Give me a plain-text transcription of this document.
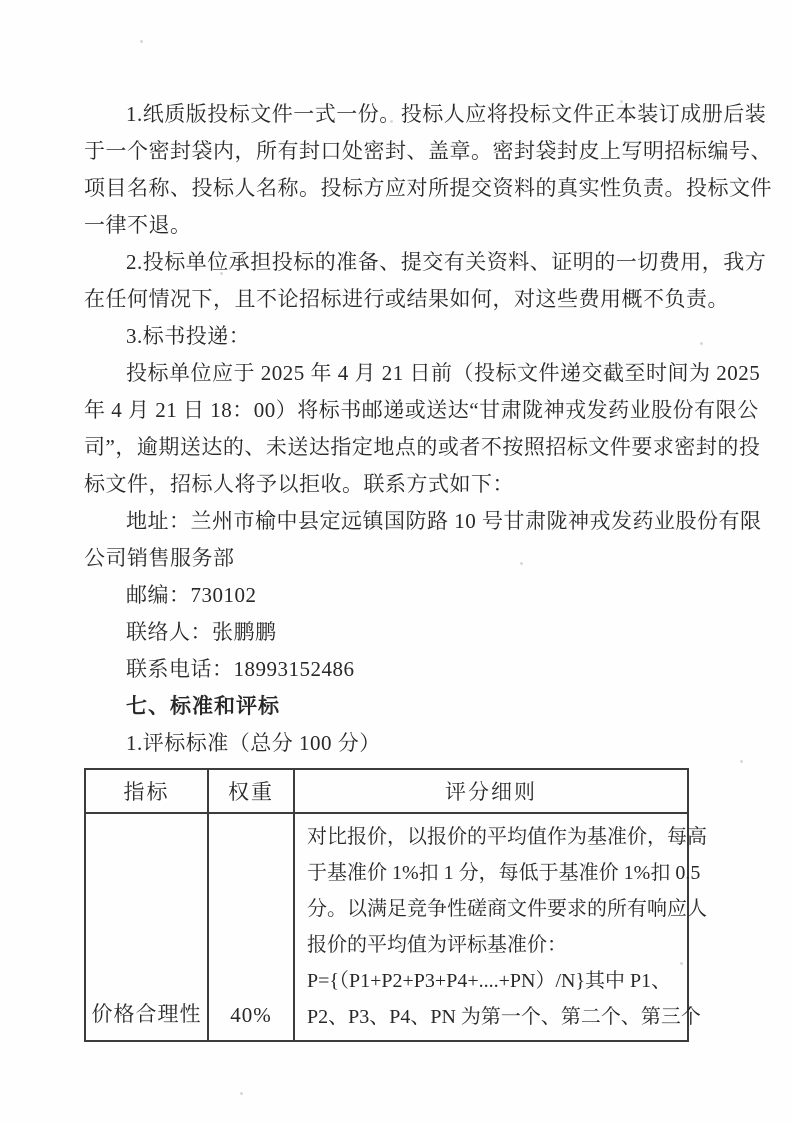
1.纸质版投标文件一式一份。投标人应将投标文件正本装订成册后装
于一个密封袋内，所有封口处密封、盖章。密封袋封皮上写明招标编号、
项目名称、投标人名称。投标方应对所提交资料的真实性负责。投标文件
一律不退。
2.投标单位承担投标的准备、提交有关资料、证明的一切费用，我方
在任何情况下，且不论招标进行或结果如何，对这些费用概不负责。
3.标书投递：
投标单位应于 2025 年 4 月 21 日前（投标文件递交截至时间为 2025
年 4 月 21 日 18：00）将标书邮递或送达“甘肃陇神戎发药业股份有限公
司”，逾期送达的、未送达指定地点的或者不按照招标文件要求密封的投
标文件，招标人将予以拒收。联系方式如下：
地址：兰州市榆中县定远镇国防路 10 号甘肃陇神戎发药业股份有限
公司销售服务部
邮编：730102
联络人：张鹏鹏
联系电话：18993152486
七、标准和评标
1.评标标准（总分 100 分）
指标	权重	评分细则
价格合理性	40%	
对比报价，以报价的平均值作为基准价，每高
于基准价 1%扣 1 分，每低于基准价 1%扣 0.5
分。以满足竞争性磋商文件要求的所有响应人
报价的平均值为评标基准价：
P={（P1+P2+P3+P4+....+PN）/N}其中 P1、
P2、P3、P4、PN 为第一个、第二个、第三个
